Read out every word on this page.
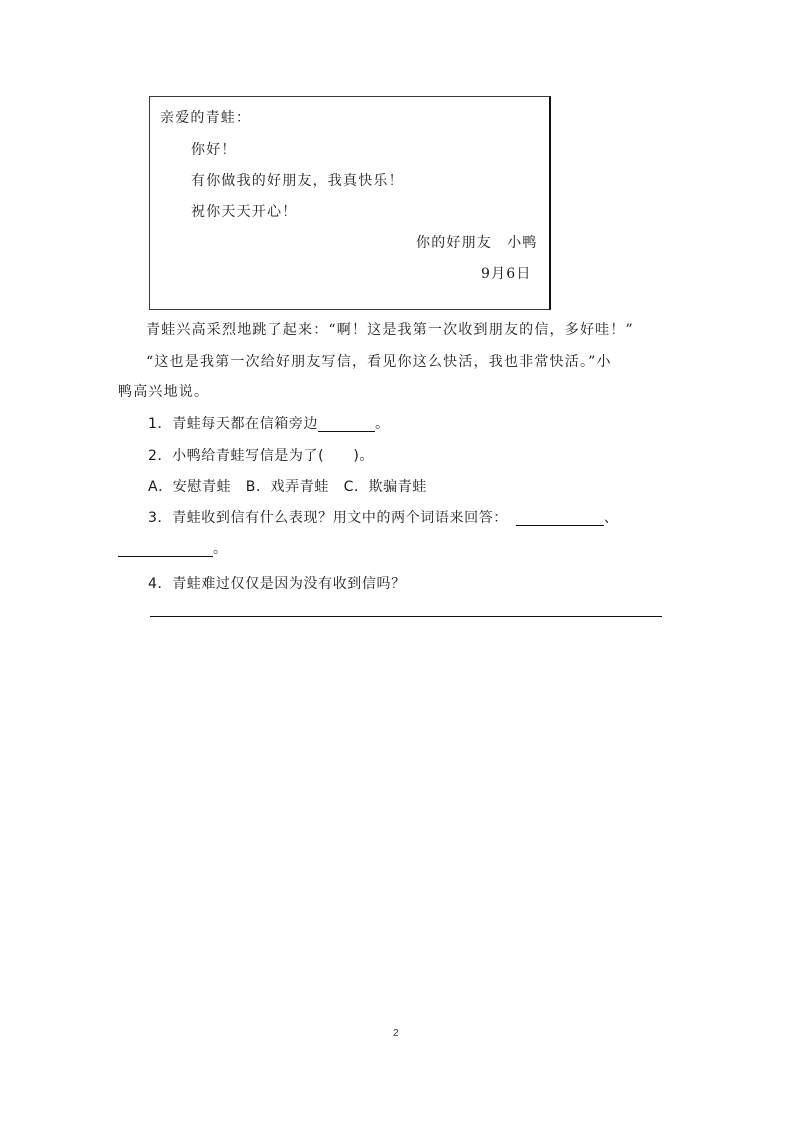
亲爱的青蛙：
你好！
有你做我的好朋友，我真快乐！
祝你天天开心！
你的好朋友　小鸭
9月6日
青蛙兴高采烈地跳了起来：“啊！这是我第一次收到朋友的信，多好哇！”
“这也是我第一次给好朋友写信，看见你这么快活，我也非常快活。”小
鸭高兴地说。
1．青蛙每天都在信箱旁边	。
2．小鸭给青蛙写信是为了(　　)。
A．安慰青蛙　B．戏弄青蛙　C．欺骗青蛙
3．青蛙收到信有什么表现？用文中的两个词语来回答：	、
。
4．青蛙难过仅仅是因为没有收到信吗？
2
